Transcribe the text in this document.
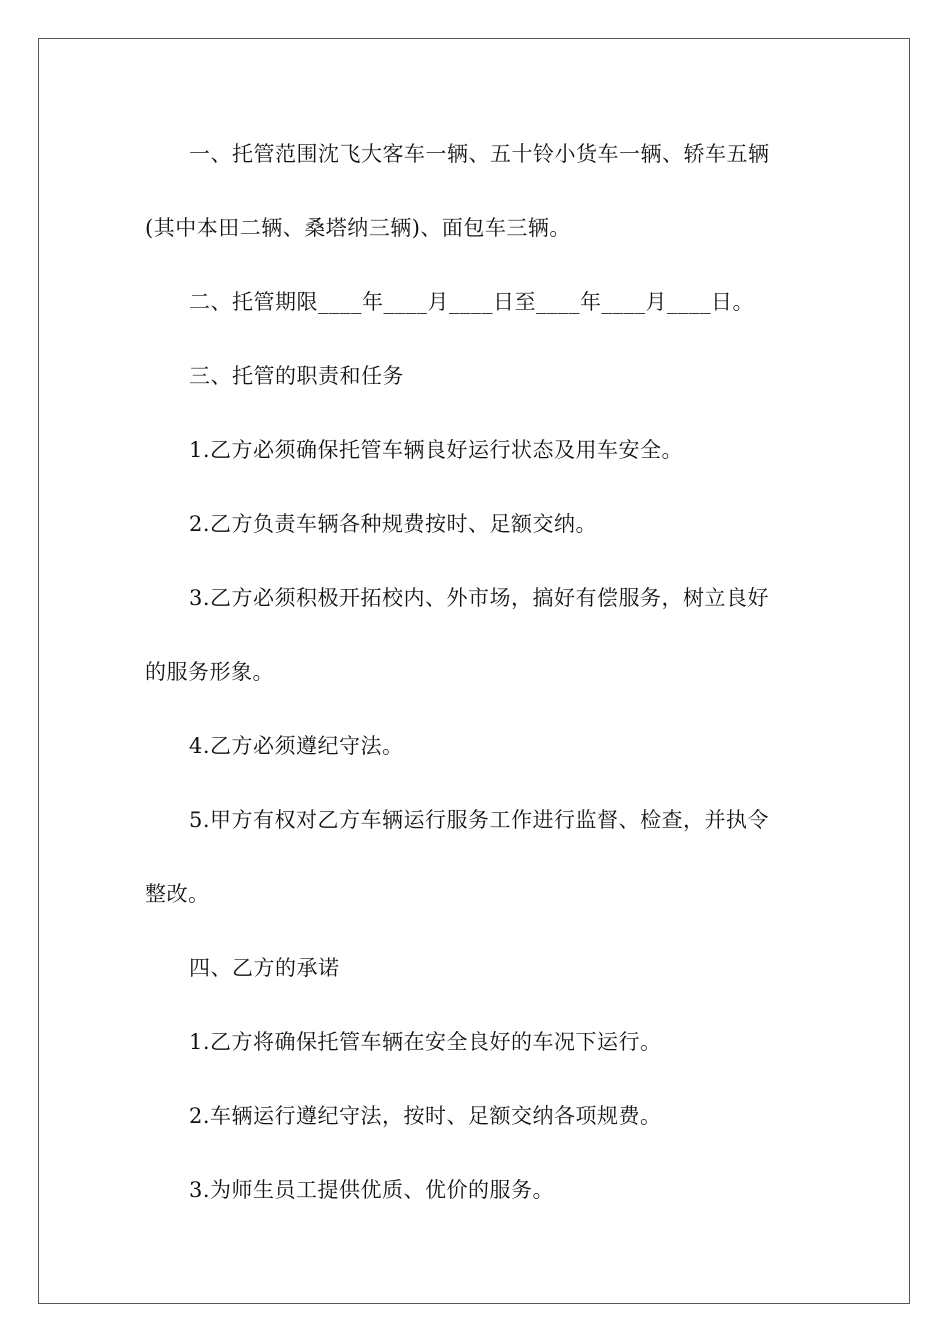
一、托管范围沈飞大客车一辆、五十铃小货车一辆、轿车五辆
(其中本田二辆、桑塔纳三辆)、面包车三辆。
二、托管期限____年____月____日至____年____月____日。
三、托管的职责和任务
1.乙方必须确保托管车辆良好运行状态及用车安全。
2.乙方负责车辆各种规费按时、足额交纳。
3.乙方必须积极开拓校内、外市场，搞好有偿服务，树立良好
的服务形象。
4.乙方必须遵纪守法。
5.甲方有权对乙方车辆运行服务工作进行监督、检查，并执令
整改。
四、乙方的承诺
1.乙方将确保托管车辆在安全良好的车况下运行。
2.车辆运行遵纪守法，按时、足额交纳各项规费。
3.为师生员工提供优质、优价的服务。
